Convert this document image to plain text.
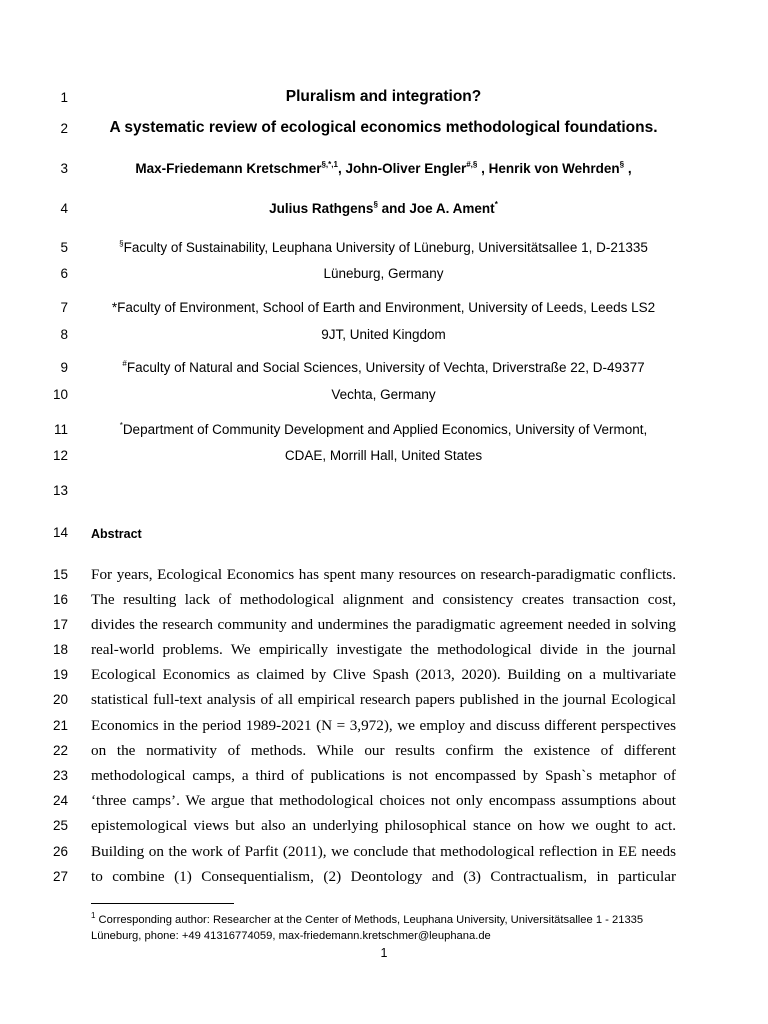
1
2
3
4
5
6
7
8
9
10
11
12
13
14
15
16
17
18
19
20
21
22
23
24
25
26
27
Pluralism and integration?
A systematic review of ecological economics methodological foundations.
Max-Friedemann Kretschmer$^{\S,*,1}$, John-Oliver Engler#,§ , Henrik von Wehrden§ ,
Julius Rathgens§ and Joe A. Ament*
§Faculty of Sustainability, Leuphana University of Lüneburg, Universitätsallee 1, D-21335
Lüneburg, Germany
*Faculty of Environment, School of Earth and Environment, University of Leeds, Leeds LS2
9JT, United Kingdom
#Faculty of Natural and Social Sciences, University of Vechta, Driverstraße 22, D-49377
Vechta, Germany
*Department of Community Development and Applied Economics, University of Vermont,
CDAE, Morrill Hall, United States
Abstract
For years, Ecological Economics has spent many resources on research-paradigmatic conflicts.
The resulting lack of methodological alignment and consistency creates transaction cost,
divides the research community and undermines the paradigmatic agreement needed in solving
real-world problems. We empirically investigate the methodological divide in the journal
Ecological Economics as claimed by Clive Spash (2013, 2020). Building on a multivariate
statistical full-text analysis of all empirical research papers published in the journal Ecological
Economics in the period 1989-2021 (N = 3,972), we employ and discuss different perspectives
on the normativity of methods. While our results confirm the existence of different
methodological camps, a third of publications is not encompassed by Spash`s metaphor of
‘three camps’. We argue that methodological choices not only encompass assumptions about
epistemological views but also an underlying philosophical stance on how we ought to act.
Building on the work of Parfit (2011), we conclude that methodological reflection in EE needs
to combine (1) Consequentialism, (2) Deontology and (3) Contractualism, in particular
$^1$ Corresponding author: Researcher at the Center of Methods, Leuphana University, Universitätsallee 1 - 21335
Lüneburg, phone: +49 41316774059, max-friedemann.kretschmer@leuphana.de
1
